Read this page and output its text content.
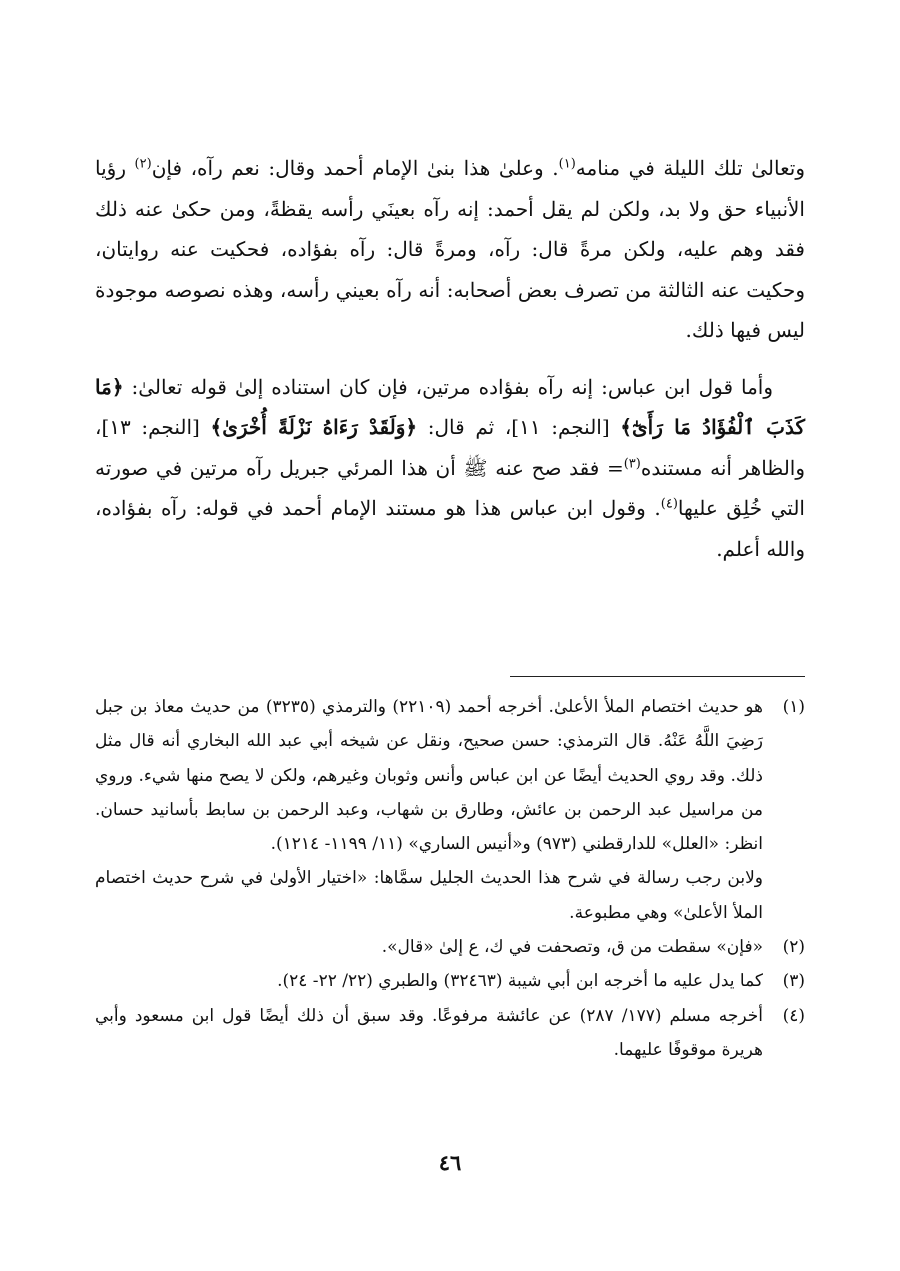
وتعالىٰ تلك الليلة في منامه$^{(١)}$. وعلىٰ هذا بنىٰ الإمام أحمد وقال: نعم رآه، فإن$^{(٢)}$ رؤيا الأنبياء حق ولا بد، ولكن لم يقل أحمد: إنه رآه بعينَي رأسه يقظةً، ومن حكىٰ عنه ذلك فقد وهم عليه، ولكن مرةً قال: رآه، ومرةً قال: رآه بفؤاده، فحكيت عنه روايتان، وحكيت عنه الثالثة من تصرف بعض أصحابه: أنه رآه بعيني رأسه، وهذه نصوصه موجودة ليس فيها ذلك.

وأما قول ابن عباس: إنه رآه بفؤاده مرتين، فإن كان استناده إلىٰ قوله تعالىٰ: ﴿مَا كَذَبَ ٱلْفُؤَادُ مَا رَأَىٰٓ﴾ [النجم: ١١]، ثم قال: ﴿وَلَقَدْ رَءَاهُ نَزْلَةً أُخْرَىٰ﴾ [النجم: ١٣]، والظاهر أنه مستنده$^{(٣)}$= فقد صح عنه ﷺ أن هذا المرئي جبريل رآه مرتين في صورته التي خُلِق عليها$^{(٤)}$. وقول ابن عباس هذا هو مستند الإمام أحمد في قوله: رآه بفؤاده، والله أعلم.

(١)

هو حديث اختصام الملأ الأعلىٰ. أخرجه أحمد (٢٢١٠٩) والترمذي (٣٢٣٥) من حديث معاذ بن جبل رَضِيَ اللَّهُ عَنْهُ. قال الترمذي: حسن صحيح، ونقل عن شيخه أبي عبد الله البخاري أنه قال مثل ذلك. وقد روي الحديث أيضًا عن ابن عباس وأنس وثوبان وغيرهم، ولكن لا يصح منها شيء. وروي من مراسيل عبد الرحمن بن عائش، وطارق بن شهاب، وعبد الرحمن بن سابط بأسانيد حسان. انظر: «العلل» للدارقطني (٩٧٣) و«أنيس الساري» (١١/ ١١٩٩- ١٢١٤).

ولابن رجب رسالة في شرح هذا الحديث الجليل سمَّاها: «اختيار الأولىٰ في شرح حديث اختصام الملأ الأعلىٰ» وهي مطبوعة.

(٢)

«فإن» سقطت من ق، وتصحفت في ك، ع إلىٰ «قال».

(٣)

كما يدل عليه ما أخرجه ابن أبي شيبة (٣٢٤٦٣) والطبري (٢٢/ ٢٢- ٢٤).

(٤)

أخرجه مسلم (١٧٧/ ٢٨٧) عن عائشة مرفوعًا. وقد سبق أن ذلك أيضًا قول ابن مسعود وأبي هريرة موقوفًا عليهما.

٤٦
